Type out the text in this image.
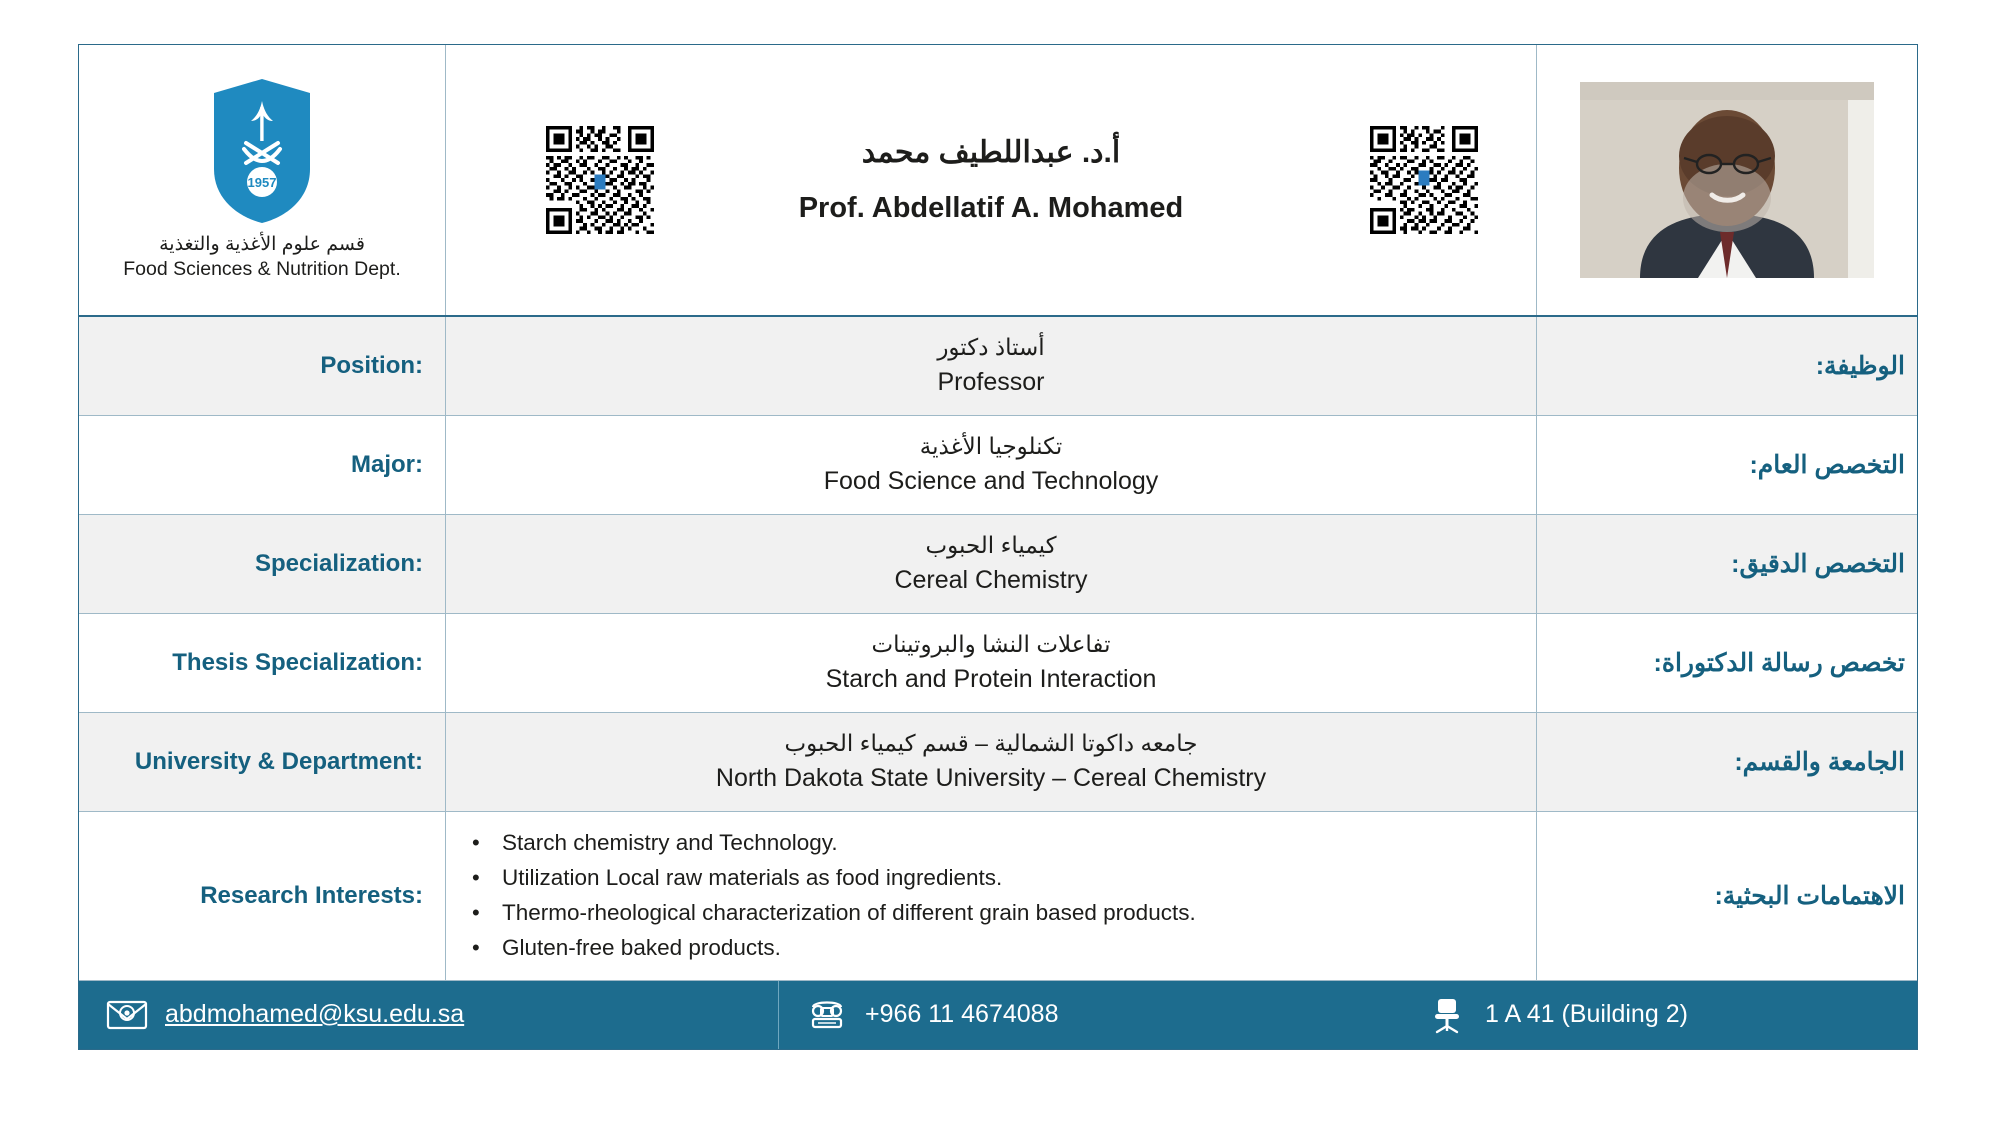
1957
قسم علوم الأغذية والتغذية
Food Sciences & Nutrition Dept.
أ.د. عبداللطيف محمد
Prof. Abdellatif A. Mohamed
Position:
أستاذ دكتور
Professor
الوظيفة:
Major:
تكنلوجيا الأغذية
Food Science and Technology
التخصص العام:
Specialization:
كيمياء الحبوب
Cereal Chemistry
التخصص الدقيق:
Thesis Specialization:
تفاعلات النشا والبروتينات
Starch and Protein Interaction
تخصص رسالة الدكتوراة:
University & Department:
جامعه داكوتا الشمالية – قسم كيمياء الحبوب
North Dakota State University – Cereal Chemistry
الجامعة والقسم:
Research Interests:
• Starch chemistry and Technology.
• Utilization Local raw materials as food ingredients.
• Thermo-rheological characterization of different grain based products.
• Gluten-free baked products.
الاهتمامات البحثية:
abdmohamed@ksu.edu.sa	+966 11 4674088	1 A 41 (Building 2)
